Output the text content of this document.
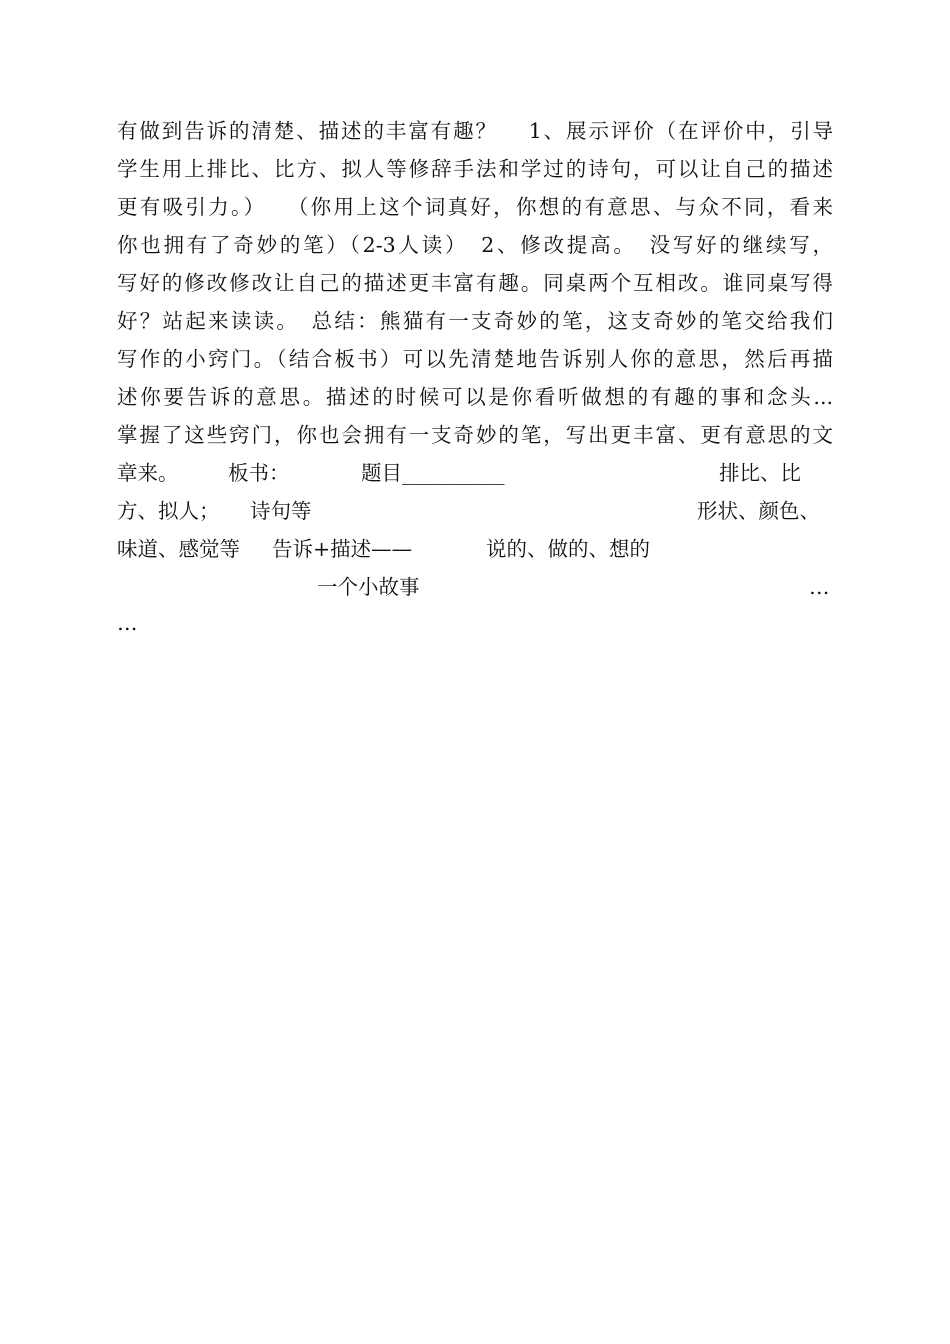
有做到告诉的清楚、描述的丰富有趣？　 1、展示评价（在评价中，引导
学生用上排比、比方、拟人等修辞手法和学过的诗句，可以让自己的描述
更有吸引力。）　 （你用上这个词真好，你想的有意思、与众不同，看来
你也拥有了奇妙的笔）（2-3人读）　2、修改提高。　没写好的继续写，
写好的修改修改让自己的描述更丰富有趣。同桌两个互相改。谁同桌写得
好？站起来读读。　总结：熊猫有一支奇妙的笔，这支奇妙的笔交给我们
写作的小窍门。（结合板书）可以先清楚地告诉别人你的意思，然后再描
述你要告诉的意思。描述的时候可以是你看听做想的有趣的事和念头...
掌握了这些窍门，你也会拥有一支奇妙的笔，写出更丰富、更有意思的文

章来。

板书：

	题目__________

	排比、比

方、拟人；

诗句等

	形状、颜色、

味道、感觉等

告诉+描述——

	说的、做的、想的

一个小故事

	…

…
